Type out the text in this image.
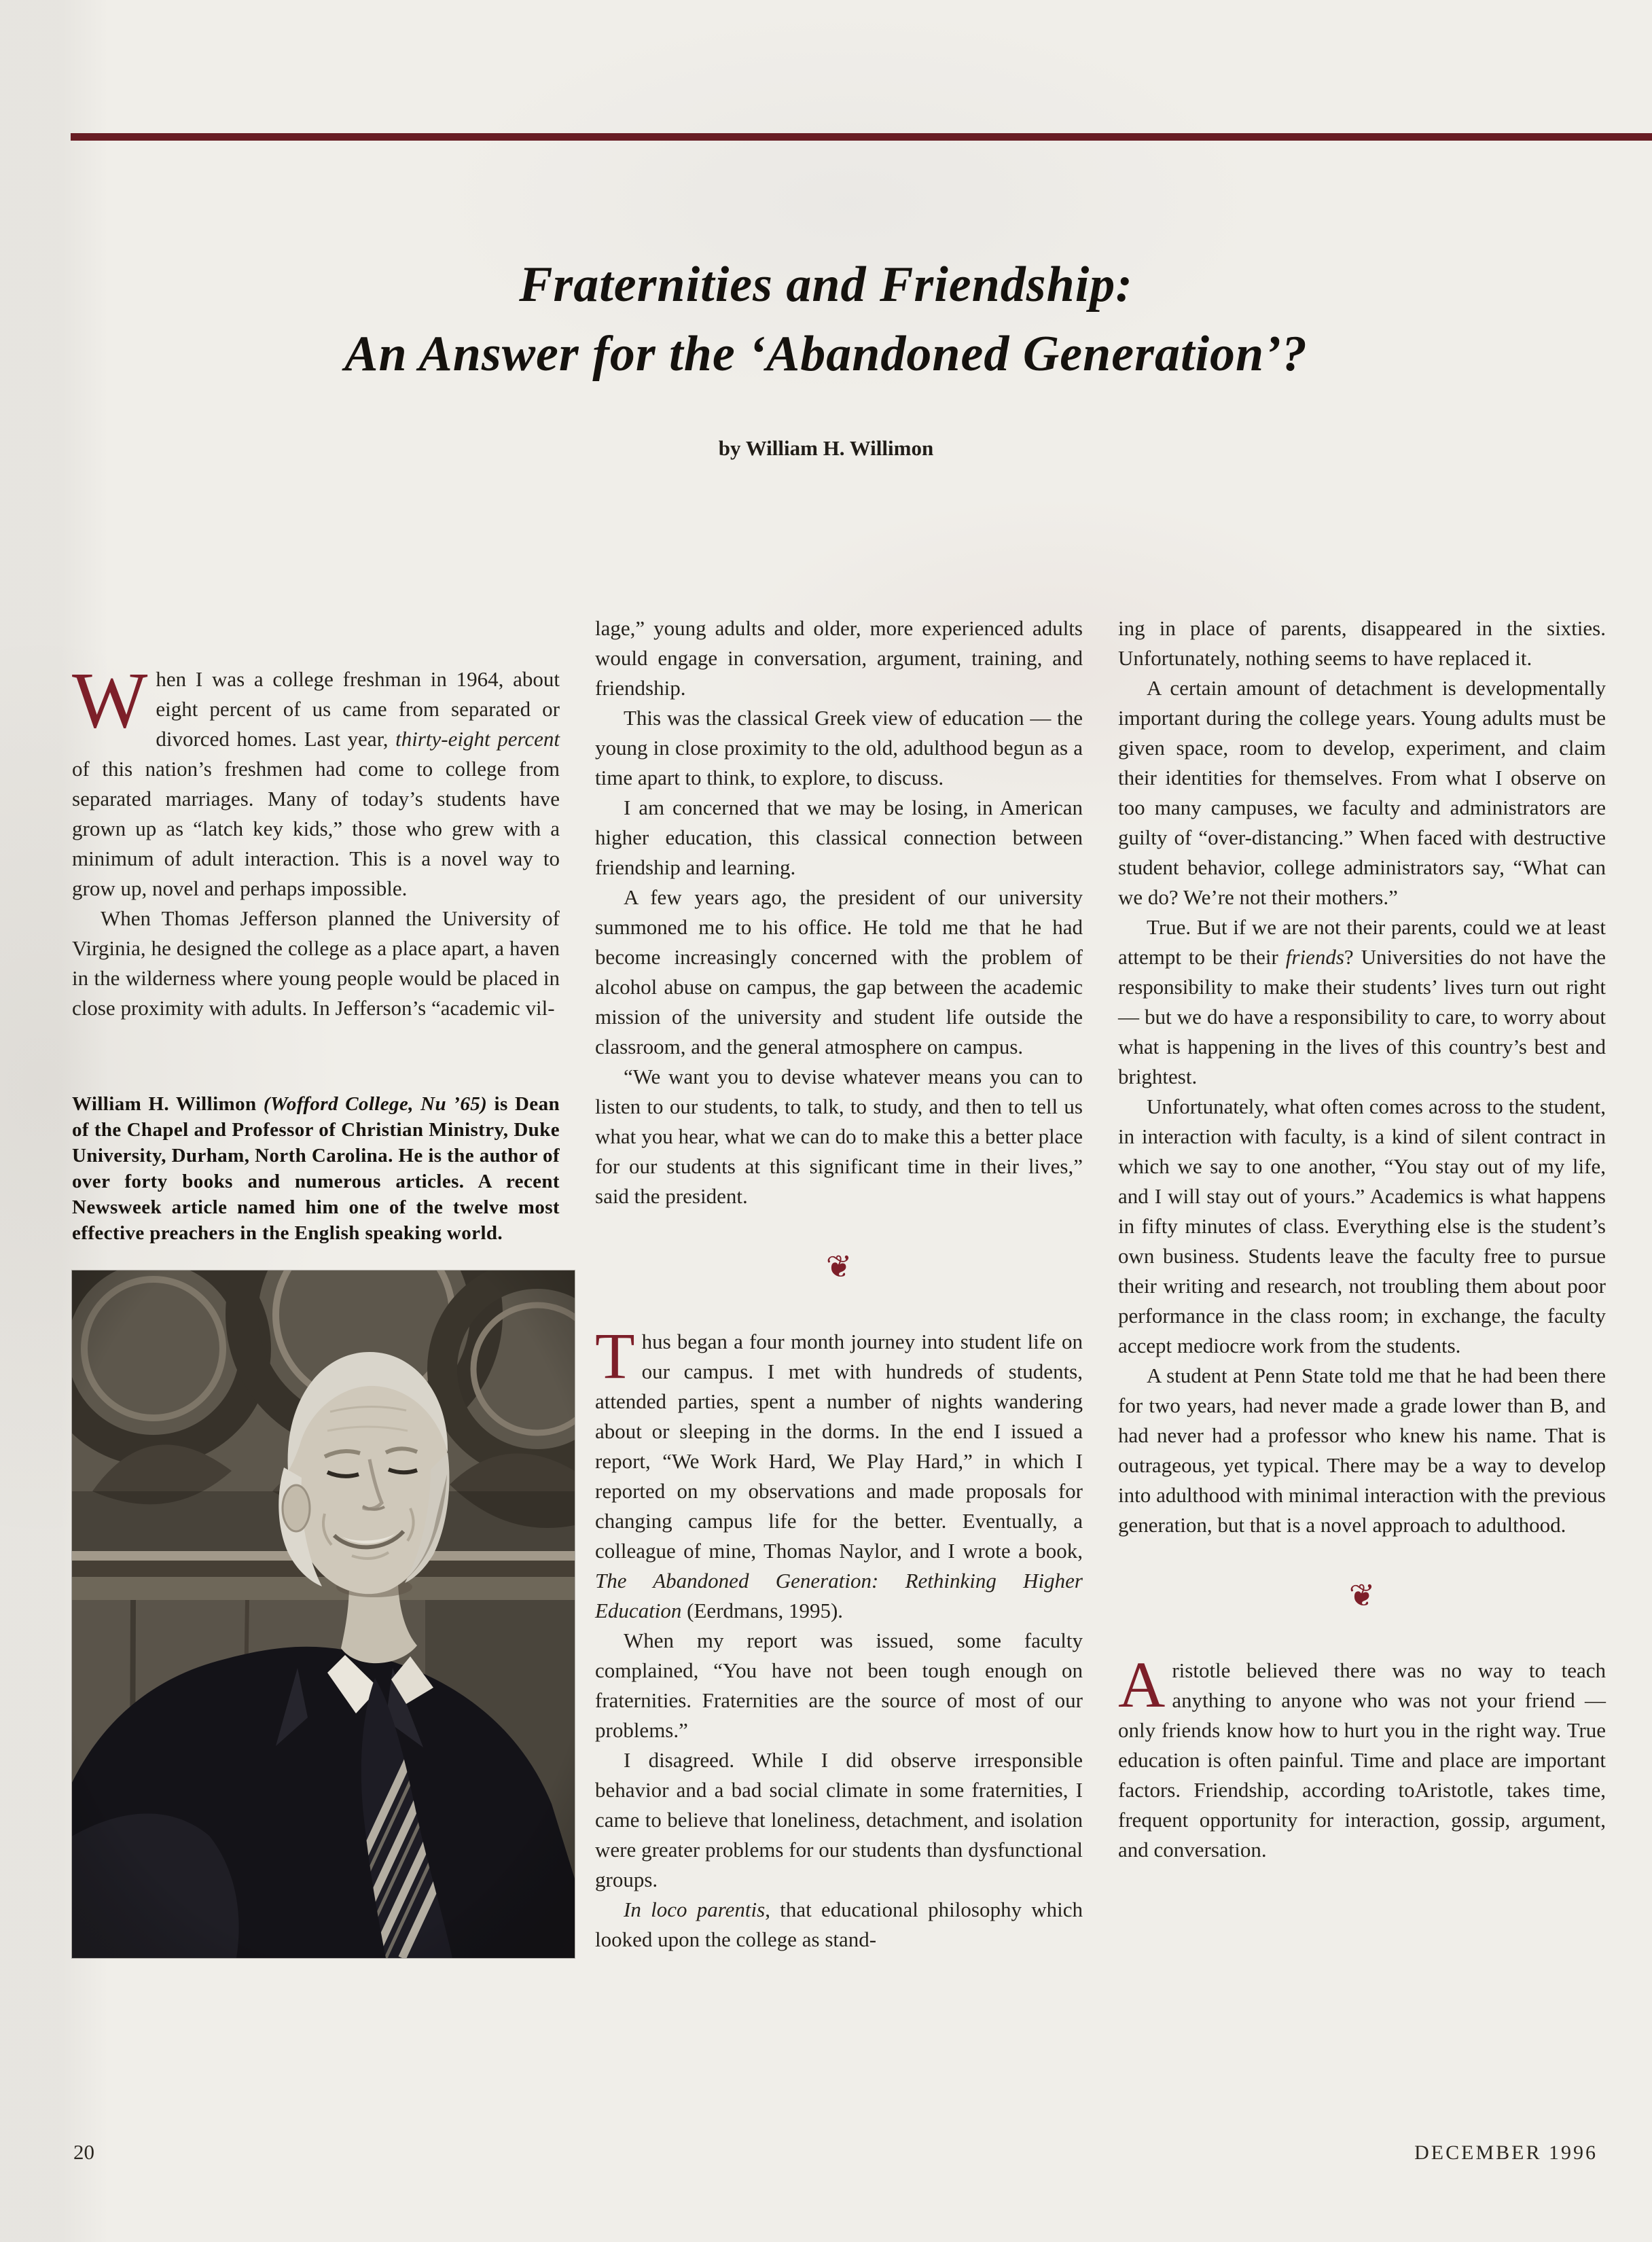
Fraternities and Friendship:
An Answer for the ‘Abandoned Generation’?
by William H. Willimon

When I was a college freshman in 1964, about eight percent of us came from separated or divorced homes. Last year, thirty-eight percent of this nation’s freshmen had come to college from separated marriages. Many of today’s students have grown up as “latch key kids,” those who grew with a minimum of adult interaction. This is a novel way to grow up, novel and perhaps impossible.

When Thomas Jefferson planned the University of Virginia, he designed the college as a place apart, a haven in the wilderness where young people would be placed in close proximity with adults. In Jefferson’s “academic vil-

William H. Willimon (Wofford College, Nu ’65) is Dean of the Chapel and Professor of Christian Ministry, Duke University, Durham, North Carolina. He is the author of over forty books and numerous articles. A recent Newsweek article named him one of the twelve most effective preachers in the English speaking world.

lage,” young adults and older, more experienced adults would engage in conversation, argument, training, and friendship.

This was the classical Greek view of education — the young in close proximity to the old, adulthood begun as a time apart to think, to explore, to discuss.

I am concerned that we may be losing, in American higher education, this classical connection between friendship and learning.

A few years ago, the president of our university summoned me to his office. He told me that he had become increasingly concerned with the problem of alcohol abuse on campus, the gap between the academic mission of the university and student life outside the classroom, and the general atmosphere on campus.

“We want you to devise whatever means you can to listen to our students, to talk, to study, and then to tell us what you hear, what we can do to make this a better place for our students at this significant time in their lives,” said the president.

❦

Thus began a four month journey into student life on our campus. I met with hundreds of students, attended parties, spent a number of nights wandering about or sleeping in the dorms. In the end I issued a report, “We Work Hard, We Play Hard,” in which I reported on my observations and made proposals for changing campus life for the better. Eventually, a colleague of mine, Thomas Naylor, and I wrote a book, The Abandoned Generation: Rethinking Higher Education (Eerdmans, 1995).

When my report was issued, some faculty complained, “You have not been tough enough on fraternities. Fraternities are the source of most of our problems.”

I disagreed. While I did observe irresponsible behavior and a bad social climate in some fraternities, I came to believe that loneliness, detachment, and isolation were greater problems for our students than dysfunctional groups.

In loco parentis, that educational philosophy which looked upon the college as stand-

ing in place of parents, disappeared in the sixties. Unfortunately, nothing seems to have replaced it.

A certain amount of detachment is developmentally important during the college years. Young adults must be given space, room to develop, experiment, and claim their identities for themselves. From what I observe on too many campuses, we faculty and administrators are guilty of “over-distancing.” When faced with destructive student behavior, college administrators say, “What can we do? We’re not their mothers.”

True. But if we are not their parents, could we at least attempt to be their friends? Universities do not have the responsibility to make their students’ lives turn out right — but we do have a responsibility to care, to worry about what is happening in the lives of this country’s best and brightest.

Unfortunately, what often comes across to the student, in interaction with faculty, is a kind of silent contract in which we say to one another, “You stay out of my life, and I will stay out of yours.” Academics is what happens in fifty minutes of class. Everything else is the student’s own business. Students leave the faculty free to pursue their writing and research, not troubling them about poor performance in the class room; in exchange, the faculty accept mediocre work from the students.

A student at Penn State told me that he had been there for two years, had never made a grade lower than B, and had never had a professor who knew his name. That is outrageous, yet typical. There may be a way to develop into adulthood with minimal interaction with the previous generation, but that is a novel approach to adulthood.

❦

Aristotle believed there was no way to teach anything to anyone who was not your friend — only friends know how to hurt you in the right way. True education is often painful. Time and place are important factors. Friendship, according toAristotle, takes time, frequent opportunity for interaction, gossip, argument, and conversation.

20	DECEMBER 1996
